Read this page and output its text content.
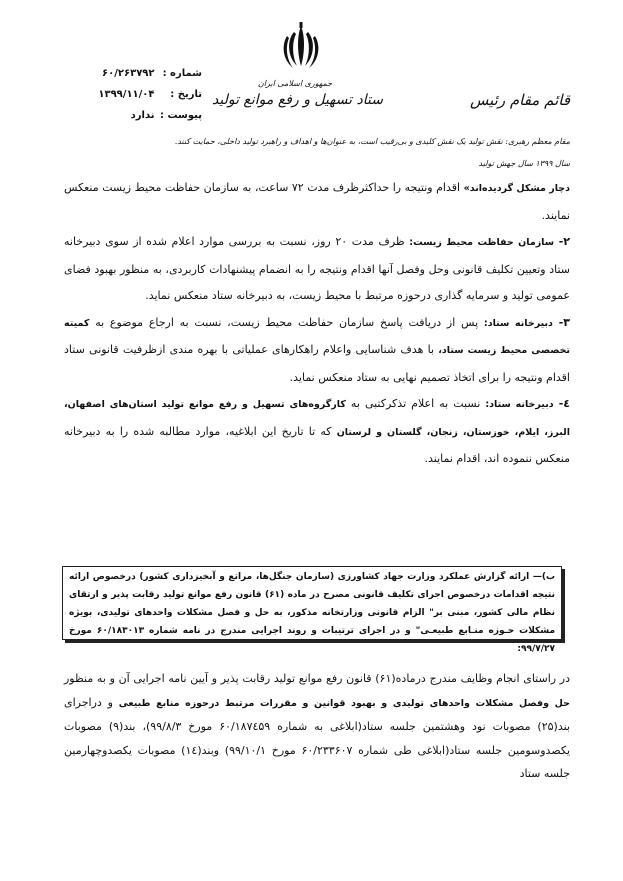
شماره : ۶۰/۲۶۳۷۹۲
تاریخ : ۱۳۹۹/۱۱/۰۴
پیوست : ندارد
جمهوری اسلامی ایران
ستاد تسهیل و رفع موانع تولید	قائم مقام رئیس
مقام معظم رهبری: نقش تولید یک نقش کلیدی و بی‌رقیب است، به عنوان‌ها و اهداف و راهبرد تولید داخلی، حمایت کنند.
سال ۱۳۹۹ سال جهش تولید

دچار مشکل گردیده‌اند» اقدام ونتیجه را حداکثرظرف مدت ۷۲ ساعت، به سازمان حفاظت محیط زیست منعکس نمایند.

۲- سازمان حفاظت محیط زیست: ظرف مدت ۲۰ روز، نسبت به بررسی موارد اعلام شده از سوی دبیرخانه ستاد وتعیین تکلیف قانونی وحل وفصل آنها اقدام ونتیجه را به انضمام پیشنهادات کاربردی، به منظور بهبود فضای عمومی تولید و سرمایه گذاری درحوزه مرتبط با محیط زیست، به دبیرخانه ستاد منعکس نماید.

۳- دبیرخانه ستاد: پس از دریافت پاسخ سازمان حفاظت محیط زیست، نسبت به ارجاع موضوع به کمیته تخصصی محیط زیست ستاد، با هدف شناسایی واعلام راهکارهای عملیاتی با بهره مندی ازظرفیت قانونی ستاد اقدام ونتیجه را برای اتخاذ تصمیم نهایی به ستاد منعکس نماید.

٤- دبیرخانه ستاد: نسبت به اعلام تذکرکتبی به کارگروه‌های تسهیل و رفع موانع تولید استان‌های اصفهان، البرز، ایلام، خوزستان، زنجان، گلستان و لرستان که تا تاریخ این ابلاغیه، موارد مطالبه شده را به دبیرخانه منعکس ننموده اند، اقدام نمایند.

ب)— ارائه گزارش عملکرد وزارت جهاد کشاورزی (سازمان جنگل‌ها، مراتع و آبخیزداری کشور) درخصوص ارائه نتیجه اقدامات درخصوص اجرای تکلیف قانونی مصرح در ماده (۶۱) قانون رفع موانع تولید رقابت پذیر و ارتقای نظام مالی کشور، مبنی بر" الزام قانونی وزارتخانه مذکور، به حل و فصل مشکلات واحدهای تولیدی، بویژه مشکلات حـوزه منـابع طبیعـی" و در اجرای ترتیبات و روند اجرایی مندرج در نامه شماره ۶۰/۱۸۳۰۱۳ مورخ ۹۹/۷/۲۷:

در راستای انجام وظایف مندرج درماده(۶۱) قانون رفع موانع تولید رقابت پذیر و آیین نامه اجرایی آن و به منظور حل وفصل مشکلات واحدهای تولیدی و بهبود قوانین و مقررات مرتبط درحوزه منابع طبیعی و دراجرای بند(۲۵) مصوبات نود وهشتمین جلسه ستاد(ابلاغی به شماره ۶۰/۱۸۷٤۵۹ مورخ ۹۹/۸/۳)، بند(۹) مصوبات یکصدوسومین جلسه ستاد(ابلاغی طی شماره ۶۰/۲۳۳۶۰۷ مورخ ۹۹/۱۰/۱) وبند(۱٤) مصوبات یکصدوچهارمین جلسه ستاد
